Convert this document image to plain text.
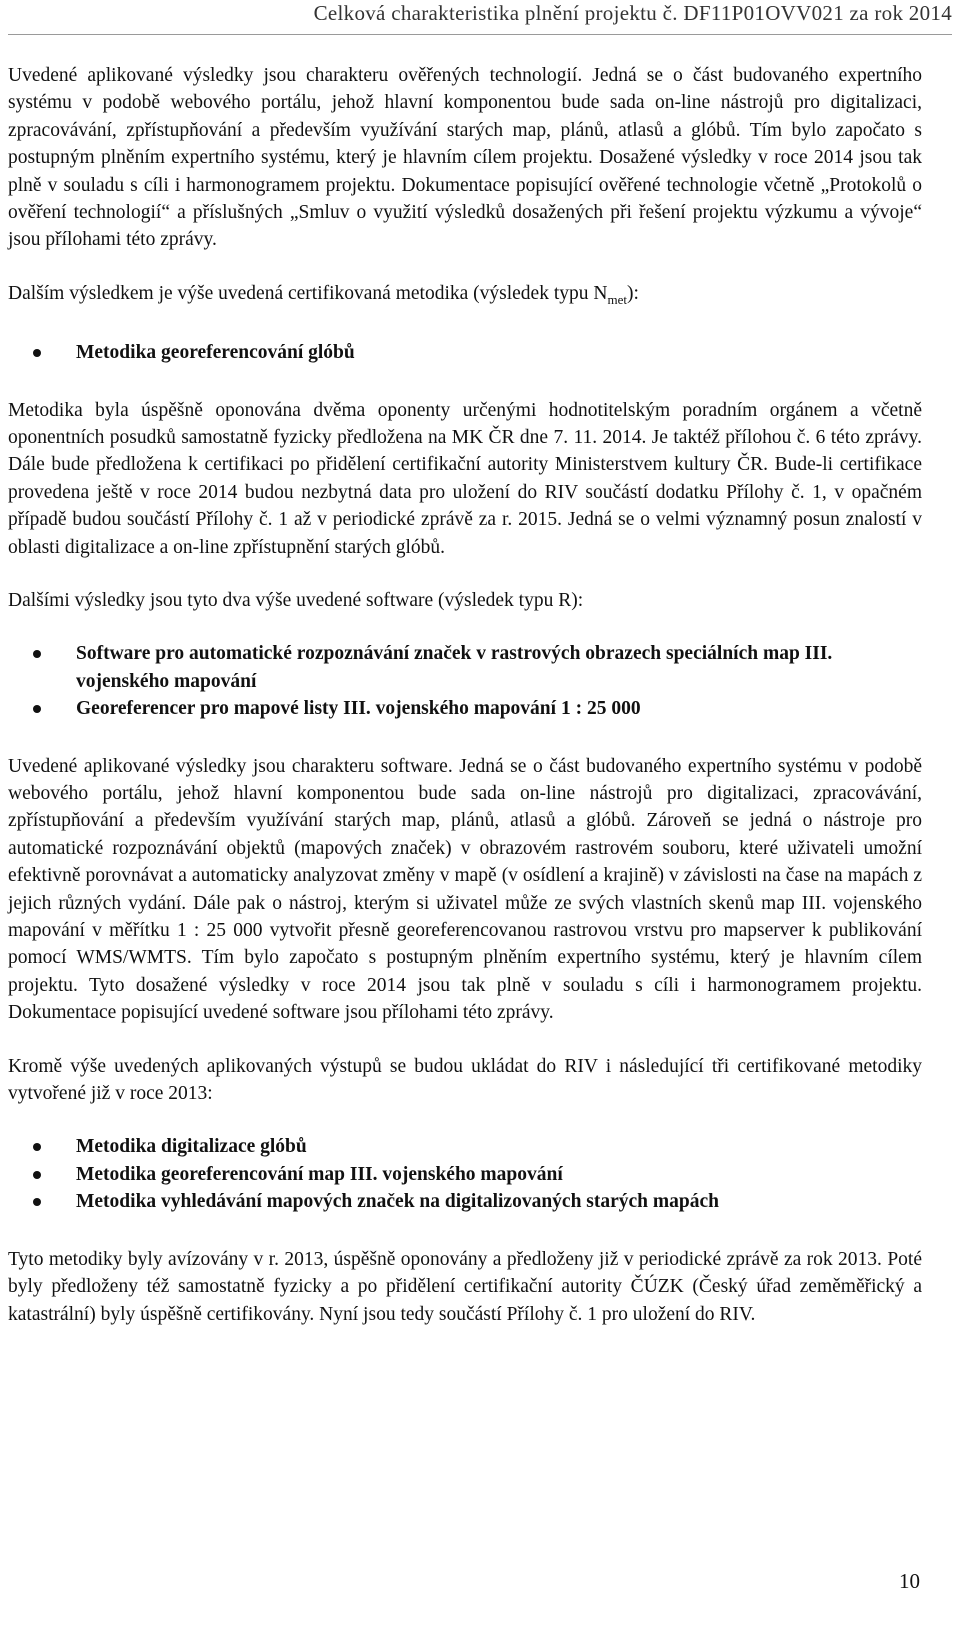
Celková charakteristika plnění projektu č. DF11P01OVV021 za rok 2014

Uvedené aplikované výsledky jsou charakteru ověřených technologií. Jedná se o část budovaného expertního systému v podobě webového portálu, jehož hlavní komponentou bude sada on-line nástrojů pro digitalizaci, zpracovávání, zpřístupňování a především využívání starých map, plánů, atlasů a glóbů. Tím bylo započato s postupným plněním expertního systému, který je hlavním cílem projektu. Dosažené výsledky v roce 2014 jsou tak plně v souladu s cíli i harmonogramem projektu. Dokumentace popisující ověřené technologie včetně „Protokolů o ověření technologií“ a příslušných „Smluv o využití výsledků dosažených při řešení projektu výzkumu a vývoje“ jsou přílohami této zprávy.

Dalším výsledkem je výše uvedená certifikovaná metodika (výsledek typu $N_{met}$):

Metodika georeferencování glóbů

Metodika byla úspěšně oponována dvěma oponenty určenými hodnotitelským poradním orgánem a včetně oponentních posudků samostatně fyzicky předložena na MK ČR dne 7. 11. 2014. Je taktéž přílohou č. 6 této zprávy. Dále bude předložena k certifikaci po přidělení certifikační autority Ministerstvem kultury ČR. Bude-li certifikace provedena ještě v roce 2014 budou nezbytná data pro uložení do RIV součástí dodatku Přílohy č. 1, v opačném případě budou součástí Přílohy č. 1 až v periodické zprávě za r. 2015. Jedná se o velmi významný posun znalostí v oblasti digitalizace a on-line zpřístupnění starých glóbů.

Dalšími výsledky jsou tyto dva výše uvedené software (výsledek typu R):

Software pro automatické rozpoznávání značek v rastrových obrazech speciálních map III. vojenského mapování
Georeferencer pro mapové listy III. vojenského mapování 1 : 25 000

Uvedené aplikované výsledky jsou charakteru software. Jedná se o část budovaného expertního systému v podobě webového portálu, jehož hlavní komponentou bude sada on-line nástrojů pro digitalizaci, zpracovávání, zpřístupňování a především využívání starých map, plánů, atlasů a glóbů. Zároveň se jedná o nástroje pro automatické rozpoznávání objektů (mapových značek) v obrazovém rastrovém souboru, které uživateli umožní efektivně porovnávat a automaticky analyzovat změny v mapě (v osídlení a krajině) v závislosti na čase na mapách z jejich různých vydání. Dále pak o nástroj, kterým si uživatel může ze svých vlastních skenů map III. vojenského mapování v měřítku 1 : 25 000 vytvořit přesně georeferencovanou rastrovou vrstvu pro mapserver k publikování pomocí WMS/WMTS. Tím bylo započato s postupným plněním expertního systému, který je hlavním cílem projektu. Tyto dosažené výsledky v roce 2014 jsou tak plně v souladu s cíli i harmonogramem projektu. Dokumentace popisující uvedené software jsou přílohami této zprávy.

Kromě výše uvedených aplikovaných výstupů se budou ukládat do RIV i následující tři certifikované metodiky vytvořené již v roce 2013:

Metodika digitalizace glóbů
Metodika georeferencování map III. vojenského mapování
Metodika vyhledávání mapových značek na digitalizovaných starých mapách

Tyto metodiky byly avízovány v r. 2013, úspěšně oponovány a předloženy již v periodické zprávě za rok 2013. Poté byly předloženy též samostatně fyzicky a po přidělení certifikační autority ČÚZK (Český úřad zeměměřický a katastrální) byly úspěšně certifikovány. Nyní jsou tedy součástí Přílohy č. 1 pro uložení do RIV.

10
